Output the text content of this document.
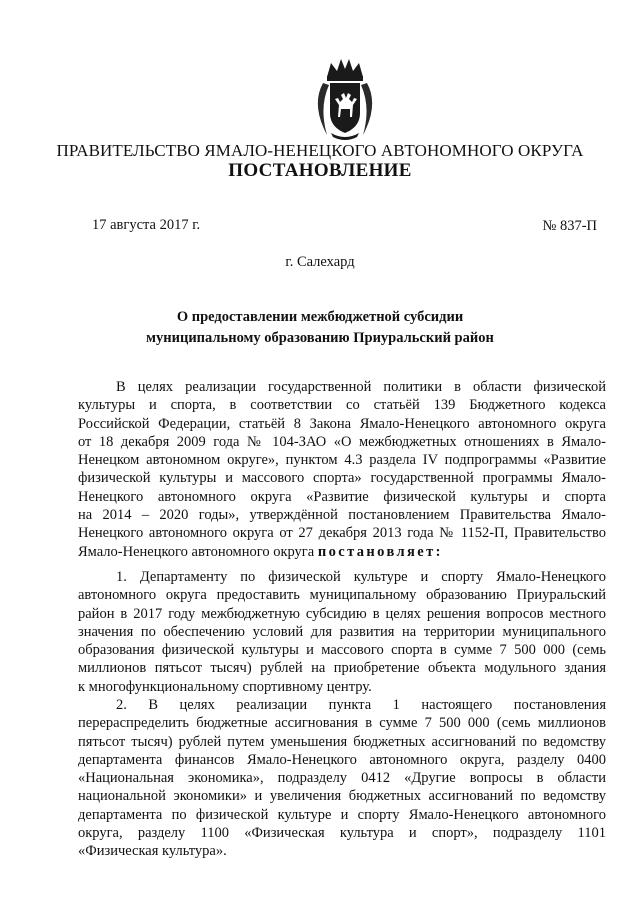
ПРАВИТЕЛЬСТВО ЯМАЛО-НЕНЕЦКОГО АВТОНОМНОГО ОКРУГА
ПОСТАНОВЛЕНИЕ
17 августа 2017 г.	№ 837-П
г. Салехард
О предоставлении межбюджетной субсидии
муниципальному образованию Приуральский район
В целях реализации государственной политики в области физической
культуры и спорта, в соответствии со статьёй 139 Бюджетного кодекса
Российской Федерации, статьёй 8 Закона Ямало-Ненецкого автономного округа
от 18 декабря 2009 года № 104-ЗАО «О межбюджетных отношениях в Ямало-
Ненецком автономном округе», пунктом 4.3 раздела IV подпрограммы «Развитие
физической культуры и массового спорта» государственной программы Ямало-
Ненецкого автономного округа «Развитие физической культуры и спорта
на 2014 – 2020 годы», утверждённой постановлением Правительства Ямало-
Ненецкого автономного округа от 27 декабря 2013 года № 1152-П, Правительство
Ямало-Ненецкого автономного округа постановляет:
1. Департаменту по физической культуре и спорту Ямало-Ненецкого
автономного округа предоставить муниципальному образованию Приуральский
район в 2017 году межбюджетную субсидию в целях решения вопросов местного
значения по обеспечению условий для развития на территории муниципального
образования физической культуры и массового спорта в сумме 7 500 000 (семь
миллионов пятьсот тысяч) рублей на приобретение объекта модульного здания
к многофункциональному спортивному центру.
2. В целях реализации пункта 1 настоящего постановления
перераспределить бюджетные ассигнования в сумме 7 500 000 (семь миллионов
пятьсот тысяч) рублей путем уменьшения бюджетных ассигнований по ведомству
департамента финансов Ямало-Ненецкого автономного округа, разделу 0400
«Национальная экономика», подразделу 0412 «Другие вопросы в области
национальной экономики» и увеличения бюджетных ассигнований по ведомству
департамента по физической культуре и спорту Ямало-Ненецкого автономного
округа, разделу 1100 «Физическая культура и спорт», подразделу 1101
«Физическая культура».
